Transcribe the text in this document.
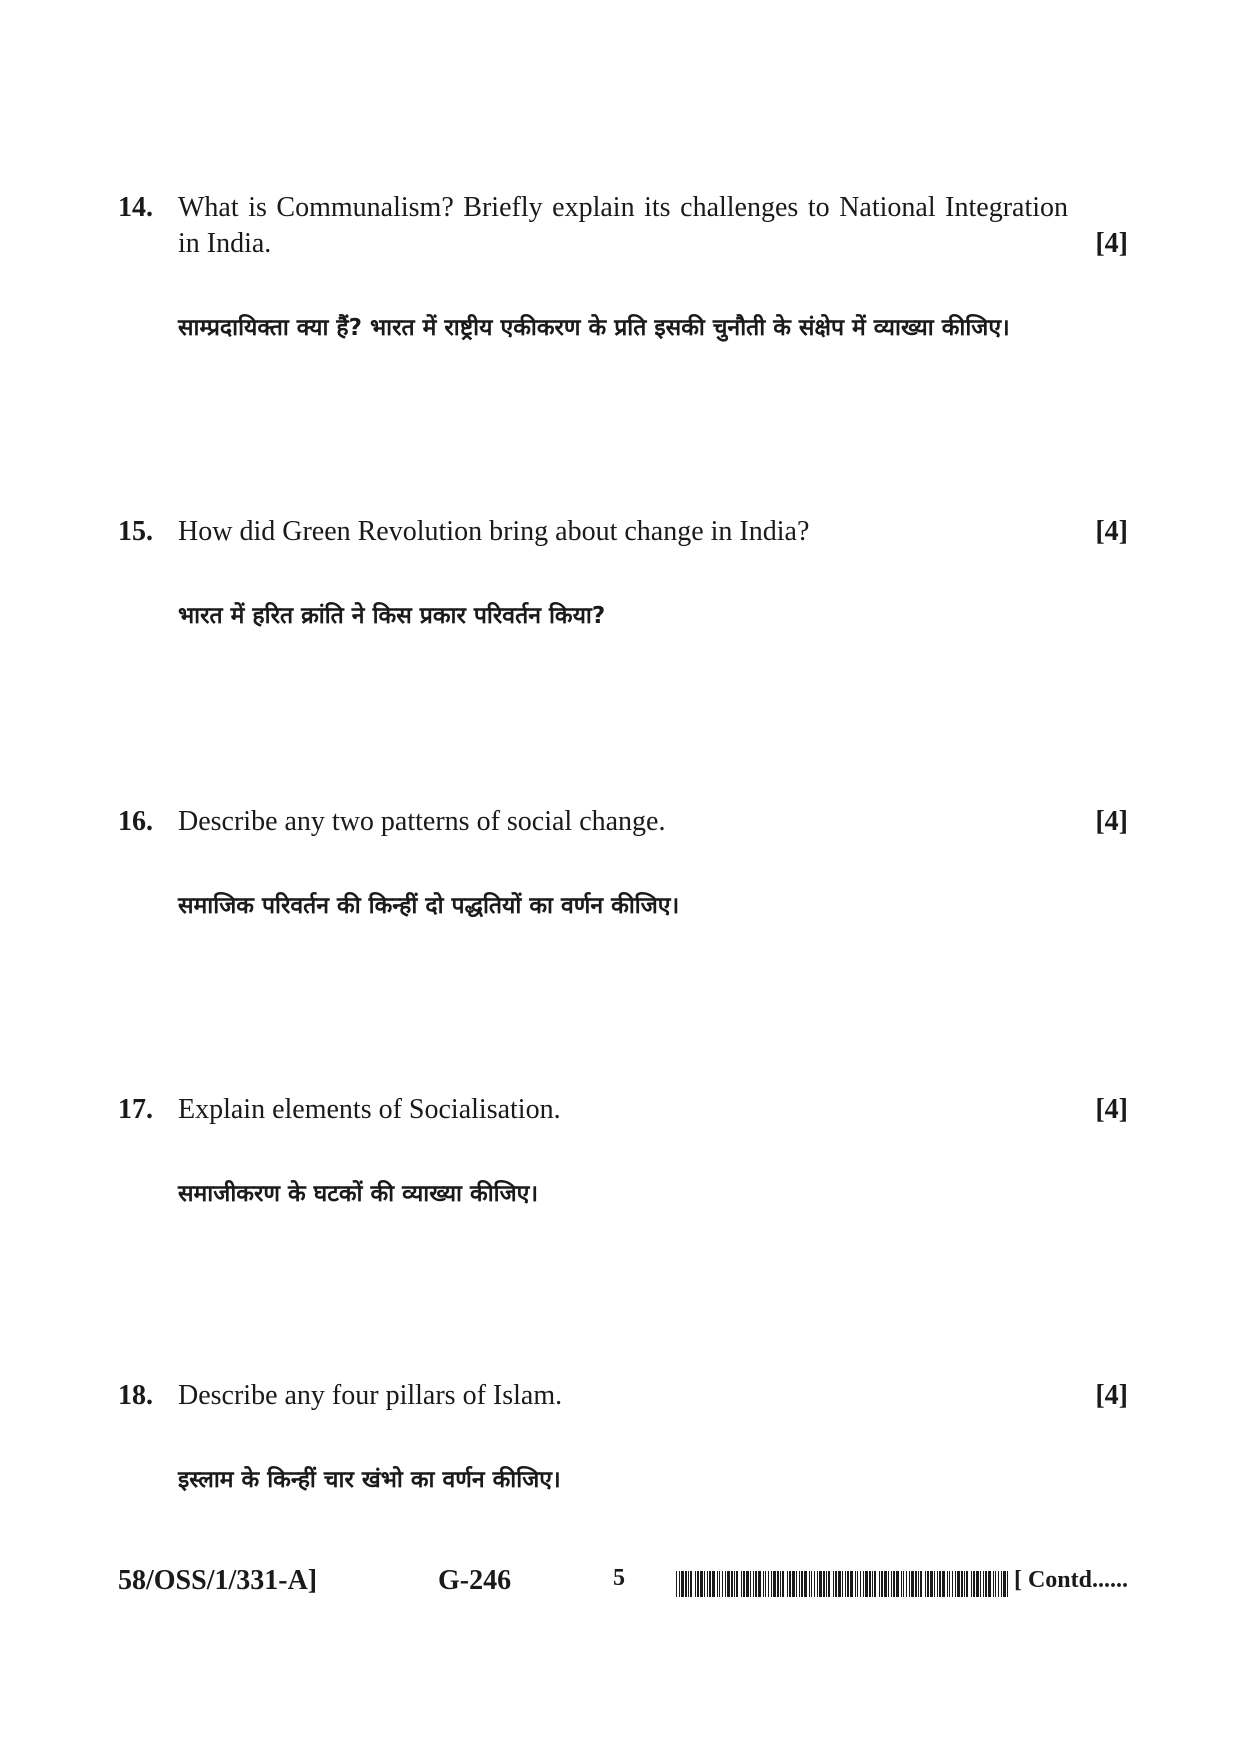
14. What is Communalism? Briefly explain its challenges to National Integration in India.	[4]
साम्प्रदायिक्ता क्या हैं? भारत में राष्ट्रीय एकीकरण के प्रति इसकी चुनौती के संक्षेप में व्याख्या कीजिए।
15. How did Green Revolution bring about change in India?	[4]
भारत में हरित क्रांति ने किस प्रकार परिवर्तन किया?
16. Describe any two patterns of social change.	[4]
समाजिक परिवर्तन की किन्हीं दो पद्धतियों का वर्णन कीजिए।
17. Explain elements of Socialisation.	[4]
समाजीकरण के घटकों की व्याख्या कीजिए।
18. Describe any four pillars of Islam.	[4]
इस्लाम के किन्हीं चार खंभो का वर्णन कीजिए।
58/OSS/1/331-A]	G-246	5	[ Contd......
